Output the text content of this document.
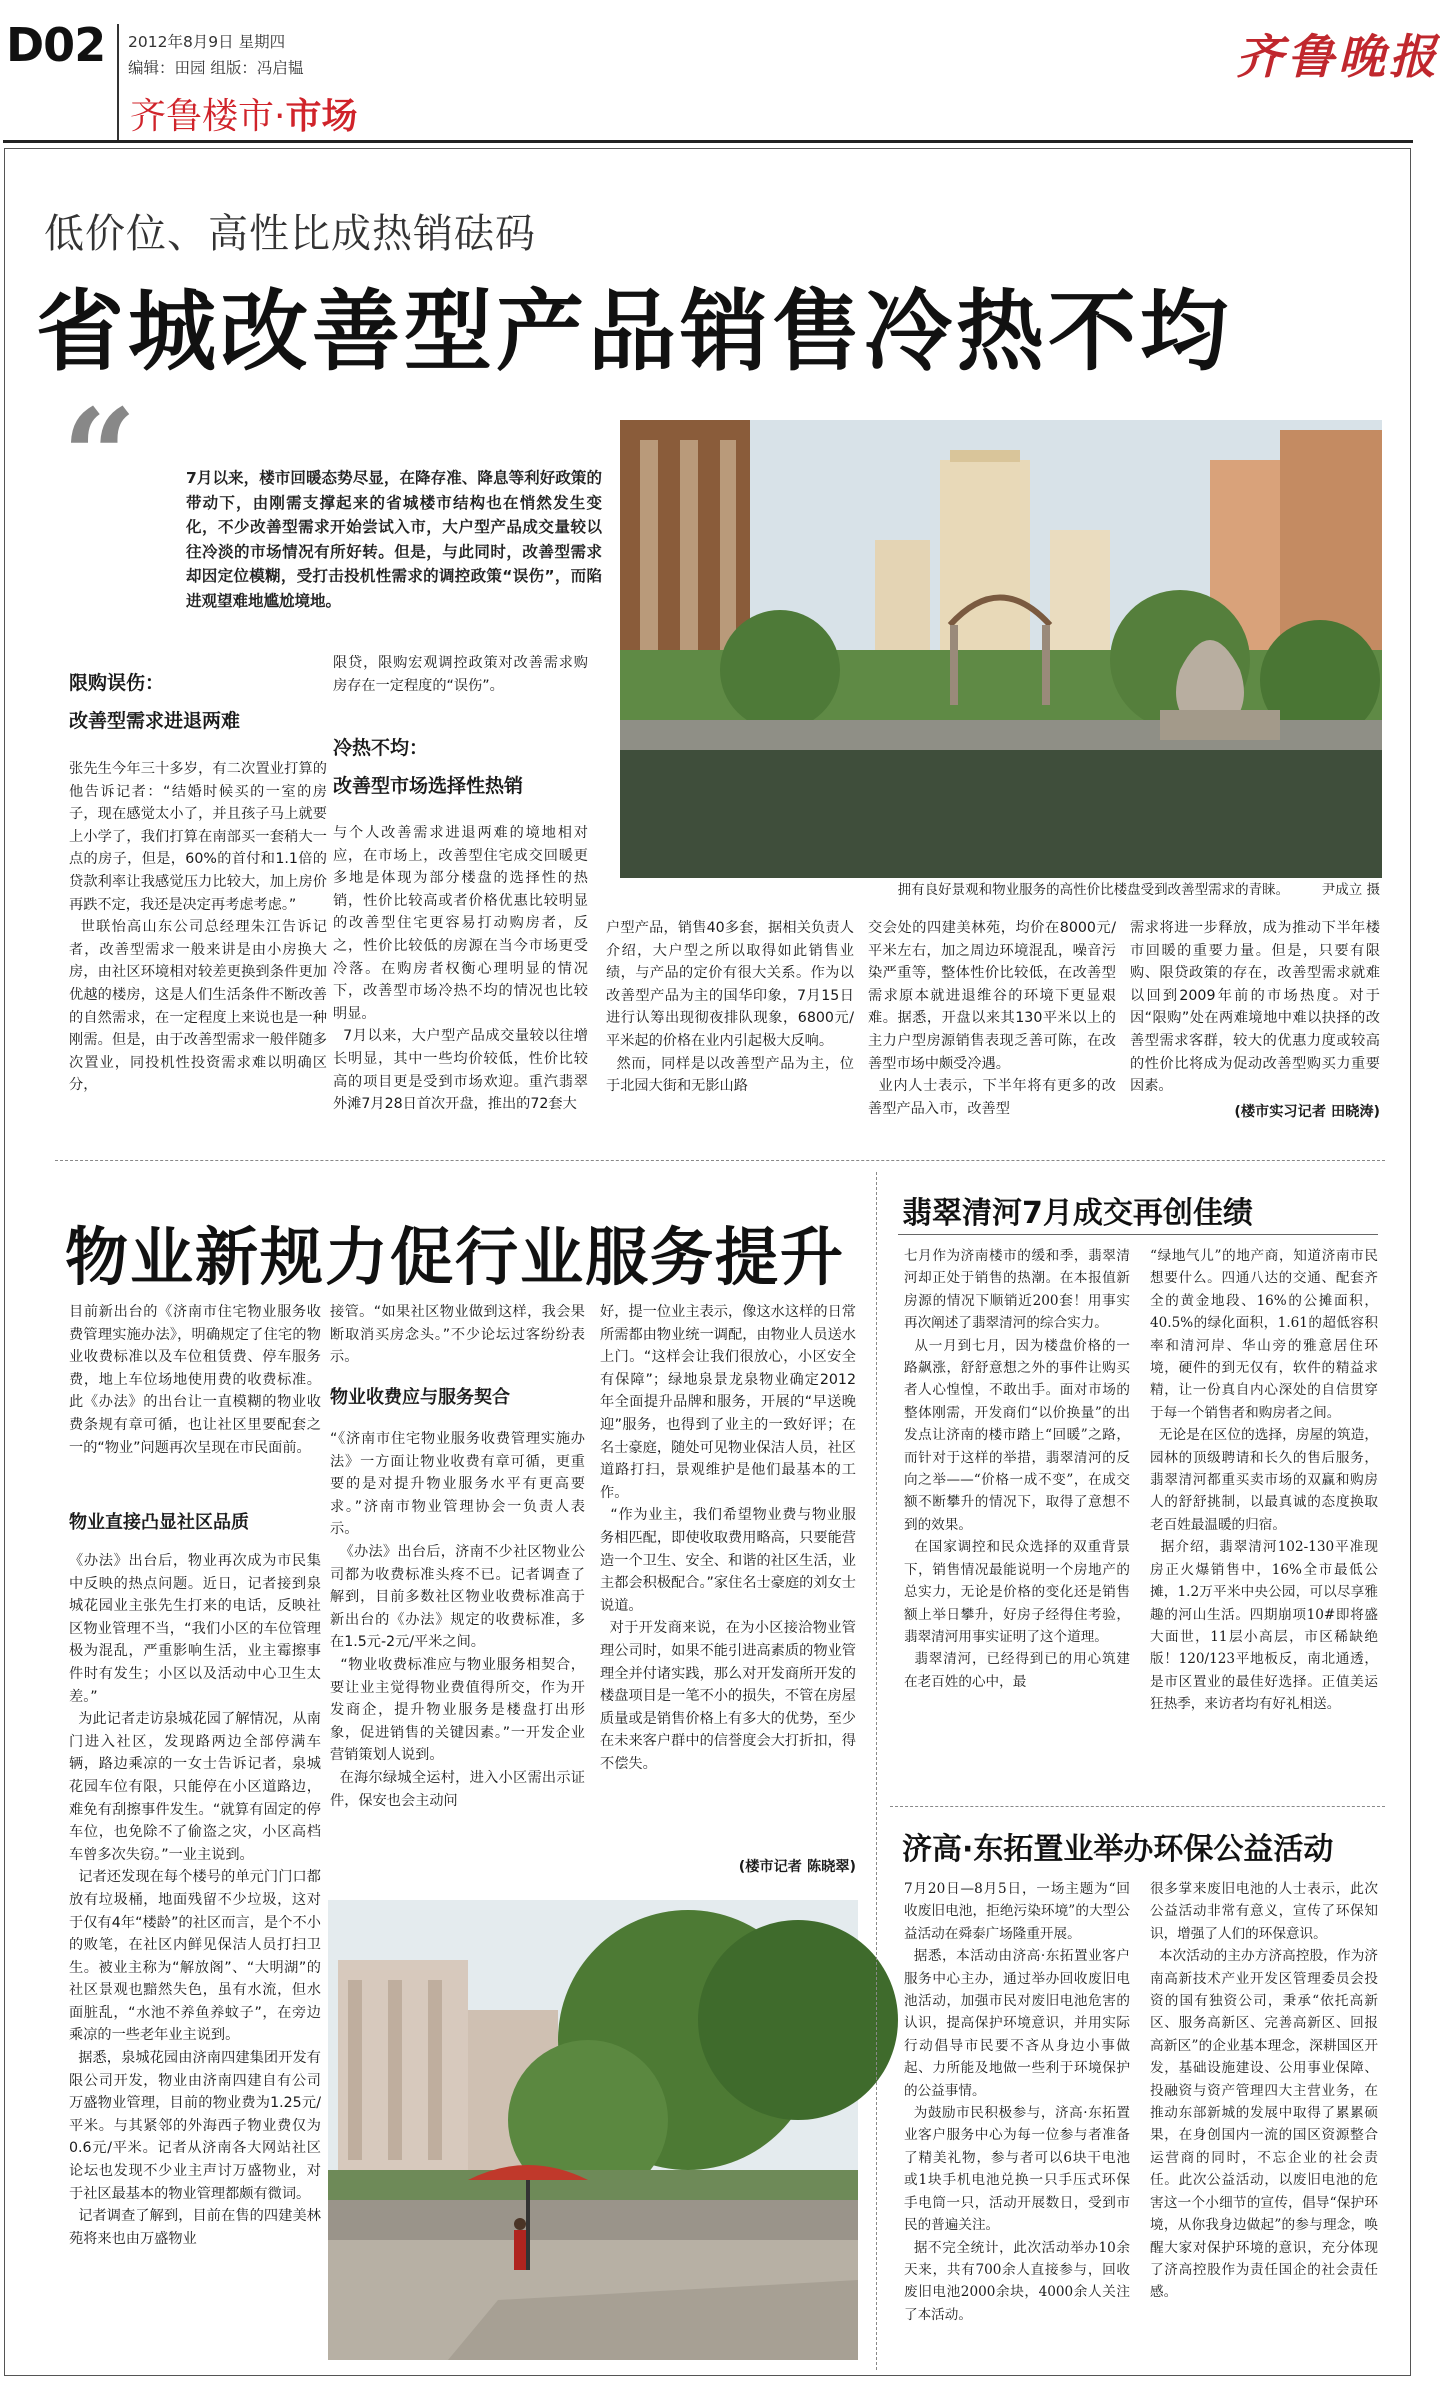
D02 2012年8月9日 星期四
编辑：田园 组版：冯启韫
齐鲁楼市·市场
齐鲁晚报
低价位、高性比成热销砝码
省城改善型产品销售冷热不均
“	7月以来，楼市回暖态势尽显，在降存准、降息等利好政策的带动下，由刚需支撑起来的省城楼市结构也在悄然发生变化，不少改善型需求开始尝试入市，大户型产品成交量较以往冷淡的市场情况有所好转。但是，与此同时，改善型需求却因定位模糊，受打击投机性需求的调控政策“误伤”，而陷进观望难地尴尬境地。
限购误伤：
改善型需求进退两难
张先生今年三十多岁，有二次置业打算的他告诉记者：“结婚时候买的一室的房子，现在感觉太小了，并且孩子马上就要上小学了，我们打算在南部买一套稍大一点的房子，但是，60%的首付和1.1倍的贷款利率让我感觉压力比较大，加上房价再跌不定，我还是决定再考虑考虑。”
世联怡高山东公司总经理朱江告诉记者，改善型需求一般来讲是由小房换大房，由社区环境相对较差更换到条件更加优越的楼房，这是人们生活条件不断改善的自然需求，在一定程度上来说也是一种刚需。但是，由于改善型需求一般伴随多次置业，同投机性投资需求难以明确区分，
限贷，限购宏观调控政策对改善需求购房存在一定程度的“误伤”。
冷热不均：
改善型市场选择性热销
与个人改善需求进退两难的境地相对应，在市场上，改善型住宅成交回暖更多地是体现为部分楼盘的选择性的热销，性价比较高或者价格优惠比较明显的改善型住宅更容易打动购房者，反之，性价比较低的房源在当今市场更受冷落。在购房者权衡心理明显的情况下，改善型市场冷热不均的情况也比较明显。
7月以来，大户型产品成交量较以往增长明显，其中一些均价较低，性价比较高的项目更是受到市场欢迎。重汽翡翠外滩7月28日首次开盘，推出的72套大
拥有良好景观和物业服务的高性价比楼盘受到改善型需求的青睐。 尹成立 摄
户型产品，销售40多套，据相关负责人介绍，大户型之所以取得如此销售业绩，与产品的定价有很大关系。作为以改善型产品为主的国华印象，7月15日进行认筹出现彻夜排队现象，6800元/平米起的价格在业内引起极大反响。
然而，同样是以改善型产品为主，位于北园大街和无影山路
交会处的四建美林苑，均价在8000元/平米左右，加之周边环境混乱，噪音污染严重等，整体性价比较低，在改善型需求原本就进退维谷的环境下更显艰难。据悉，开盘以来其130平米以上的主力户型房源销售表现乏善可陈，在改善型市场中颇受冷遇。
业内人士表示，下半年将有更多的改善型产品入市，改善型
需求将进一步释放，成为推动下半年楼市回暖的重要力量。但是，只要有限购、限贷政策的存在，改善型需求就难以回到2009年前的市场热度。对于因“限购”处在两难境地中难以抉择的改善型需求客群，较大的优惠力度或较高的性价比将成为促动改善型购买力重要因素。
(楼市实习记者 田晓涛)
物业新规力促行业服务提升
目前新出台的《济南市住宅物业服务收费管理实施办法》，明确规定了住宅的物业收费标准以及车位租赁费、停车服务费，地上车位场地使用费的收费标准。此《办法》的出台让一直模糊的物业收费条规有章可循，也让社区里要配套之一的“物业”问题再次呈现在市民面前。
物业直接凸显社区品质
《办法》出台后，物业再次成为市民集中反映的热点问题。近日，记者接到泉城花园业主张先生打来的电话，反映社区物业管理不当，“我们小区的车位管理极为混乱，严重影响生活，业主霉擦事件时有发生；小区以及活动中心卫生太差。”
为此记者走访泉城花园了解情况，从南门进入社区，发现路两边全部停满车辆，路边乘凉的一女士告诉记者，泉城花园车位有限，只能停在小区道路边，难免有刮擦事件发生。“就算有固定的停车位，也免除不了偷盗之灾，小区高档车曾多次失窃。”一业主说到。
记者还发现在每个楼号的单元门门口都放有垃圾桶，地面残留不少垃圾，这对于仅有4年“楼龄”的社区而言，是个不小的败笔，在社区内鲜见保洁人员打扫卫生。被业主称为“解放阁”、“大明湖”的社区景观也黯然失色，虽有水流，但水面脏乱，“水池不养鱼养蚊子”，在旁边乘凉的一些老年业主说到。
据悉，泉城花园由济南四建集团开发有限公司开发，物业由济南四建自有公司万盛物业管理，目前的物业费为1.25元/平米。与其紧邻的外海西子物业费仅为0.6元/平米。记者从济南各大网站社区论坛也发现不少业主声讨万盛物业，对于社区最基本的物业管理都颇有微词。
记者调查了解到，目前在售的四建美林苑将来也由万盛物业
接管。“如果社区物业做到这样，我会果断取消买房念头。”不少论坛过客纷纷表示。
物业收费应与服务契合
“《济南市住宅物业服务收费管理实施办法》一方面让物业收费有章可循，更重要的是对提升物业服务水平有更高要求。”济南市物业管理协会一负责人表示。
《办法》出台后，济南不少社区物业公司都为收费标准头疼不已。记者调查了解到，目前多数社区物业收费标准高于新出台的《办法》规定的收费标准，多在1.5元-2元/平米之间。
“物业收费标准应与物业服务相契合，要让业主觉得物业费值得所交，作为开发商企，提升物业服务是楼盘打出形象，促进销售的关键因素。”一开发企业营销策划人说到。
在海尔绿城全运村，进入小区需出示证件，保安也会主动问
好，提一位业主表示，像这水这样的日常所需都由物业统一调配，由物业人员送水上门。“这样会让我们很放心，小区安全有保障”；绿地泉景龙泉物业确定2012年全面提升品牌和服务，开展的“早送晚迎”服务，也得到了业主的一致好评；在名士豪庭，随处可见物业保洁人员，社区道路打扫，景观维护是他们最基本的工作。
“作为业主，我们希望物业费与物业服务相匹配，即使收取费用略高，只要能营造一个卫生、安全、和谐的社区生活，业主都会积极配合。”家住名士豪庭的刘女士说道。
对于开发商来说，在为小区接洽物业管理公司时，如果不能引进高素质的物业管理全并付诸实践，那么对开发商所开发的楼盘项目是一笔不小的损失，不管在房屋质量或是销售价格上有多大的优势，至少在未来客户群中的信誉度会大打折扣，得不偿失。
(楼市记者 陈晓翠)
翡翠清河7月成交再创佳绩
七月作为济南楼市的缓和季，翡翠清河却正处于销售的热潮。在本报值新房源的情况下顺销近200套！用事实再次阐述了翡翠清河的综合实力。
从一月到七月，因为楼盘价格的一路飙涨，舒舒意想之外的事件让购买者人心惶惶，不敢出手。面对市场的整体刚需，开发商们“以价换量”的出发点让济南的楼市踏上“回暖”之路，而针对于这样的举措，翡翠清河的反向之举——“价格一成不变”，在成交额不断攀升的情况下，取得了意想不到的效果。
在国家调控和民众选择的双重背景下，销售情况最能说明一个房地产的总实力，无论是价格的变化还是销售额上举日攀升，好房子经得住考验，翡翠清河用事实证明了这个道理。
翡翠清河，已经得到已的用心筑建在老百姓的心中，最
“绿地气儿”的地产商，知道济南市民想要什么。四通八达的交通、配套齐全的黄金地段、16%的公摊面积，40.5%的绿化面积，1.61的超低容积率和清河岸、华山旁的雅意居住环境，硬件的到无仅有，软件的精益求精，让一份真自内心深处的自信贯穿于每一个销售者和购房者之间。
无论是在区位的选择，房屋的筑造，园林的顶级聘请和长久的售后服务，翡翠清河都重买卖市场的双赢和购房人的舒舒挑制，以最真诚的态度换取老百姓最温暖的归宿。
据介绍，翡翠清河102-130平准现房正火爆销售中，16%全市最低公摊，1.2万平米中央公园，可以尽享雅趣的河山生活。四期崩项10#即将盛大面世，11层小高层，市区稀缺绝版！120/123平地板反，南北通透，是市区置业的最佳好选择。正值美运狂热季，来访者均有好礼相送。
济高·东拓置业举办环保公益活动
7月20日—8月5日，一场主题为“回收废旧电池，拒绝污染环境”的大型公益活动在舜泰广场隆重开展。
据悉，本活动由济高·东拓置业客户服务中心主办，通过举办回收废旧电池活动，加强市民对废旧电池危害的认识，提高保护环境意识，并用实际行动倡导市民要不吝从身边小事做起、力所能及地做一些利于环境保护的公益事情。
为鼓励市民积极参与，济高·东拓置业客户服务中心为每一位参与者准备了精美礼物，参与者可以6块干电池或1块手机电池兑换一只手压式环保手电筒一只，活动开展数日，受到市民的普遍关注。
据不完全统计，此次活动举办10余天来，共有700余人直接参与，回收废旧电池2000余块，4000余人关注了本活动。
很多掌来废旧电池的人士表示，此次公益活动非常有意义，宣传了环保知识，增强了人们的环保意识。
本次活动的主办方济高控股，作为济南高新技术产业开发区管理委员会投资的国有独资公司，秉承“依托高新区、服务高新区、完善高新区、回报高新区”的企业基本理念，深耕国区开发，基础设施建设、公用事业保障、投融资与资产管理四大主营业务，在推动东部新城的发展中取得了累累硕果，在身创国内一流的国区资源整合运营商的同时，不忘企业的社会责任。此次公益活动，以废旧电池的危害这一个小细节的宣传，倡导“保护环境，从你我身边做起”的参与理念，唤醒大家对保护环境的意识，充分体现了济高控股作为责任国企的社会责任感。
